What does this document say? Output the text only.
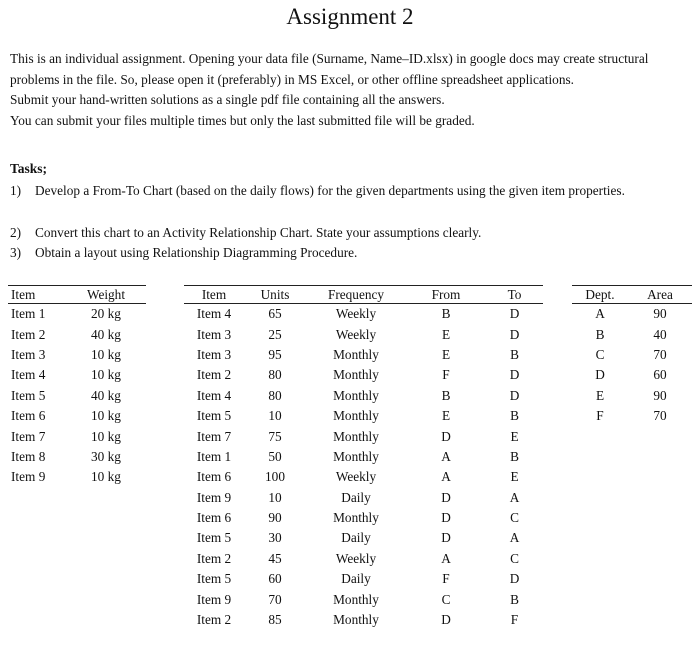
Assignment 2

This is an individual assignment. Opening your data file (Surname, Name–ID.xlsx) in google docs may create structural problems in the file. So, please open it (preferably) in MS Excel, or other offline spreadsheet applications.

Submit your hand-written solutions as a single pdf file containing all the answers.

You can submit your files multiple times but only the last submitted file will be graded.

Tasks;
1) Develop a From-To Chart (based on the daily flows) for the given departments using the given item properties.
2) Convert this chart to an Activity Relationship Chart. State your assumptions clearly.
3) Obtain a layout using Relationship Diagramming Procedure.
Item	Weight
Item 1	20 kg
Item 2	40 kg
Item 3	10 kg
Item 4	10 kg
Item 5	40 kg
Item 6	10 kg
Item 7	10 kg
Item 8	30 kg
Item 9	10 kg
Item	Units	Frequency	From	To
Item 4	65	Weekly	B	D
Item 3	25	Weekly	E	D
Item 3	95	Monthly	E	B
Item 2	80	Monthly	F	D
Item 4	80	Monthly	B	D
Item 5	10	Monthly	E	B
Item 7	75	Monthly	D	E
Item 1	50	Monthly	A	B
Item 6	100	Weekly	A	E
Item 9	10	Daily	D	A
Item 6	90	Monthly	D	C
Item 5	30	Daily	D	A
Item 2	45	Weekly	A	C
Item 5	60	Daily	F	D
Item 9	70	Monthly	C	B
Item 2	85	Monthly	D	F
Dept.	Area
A	90
B	40
C	70
D	60
E	90
F	70
